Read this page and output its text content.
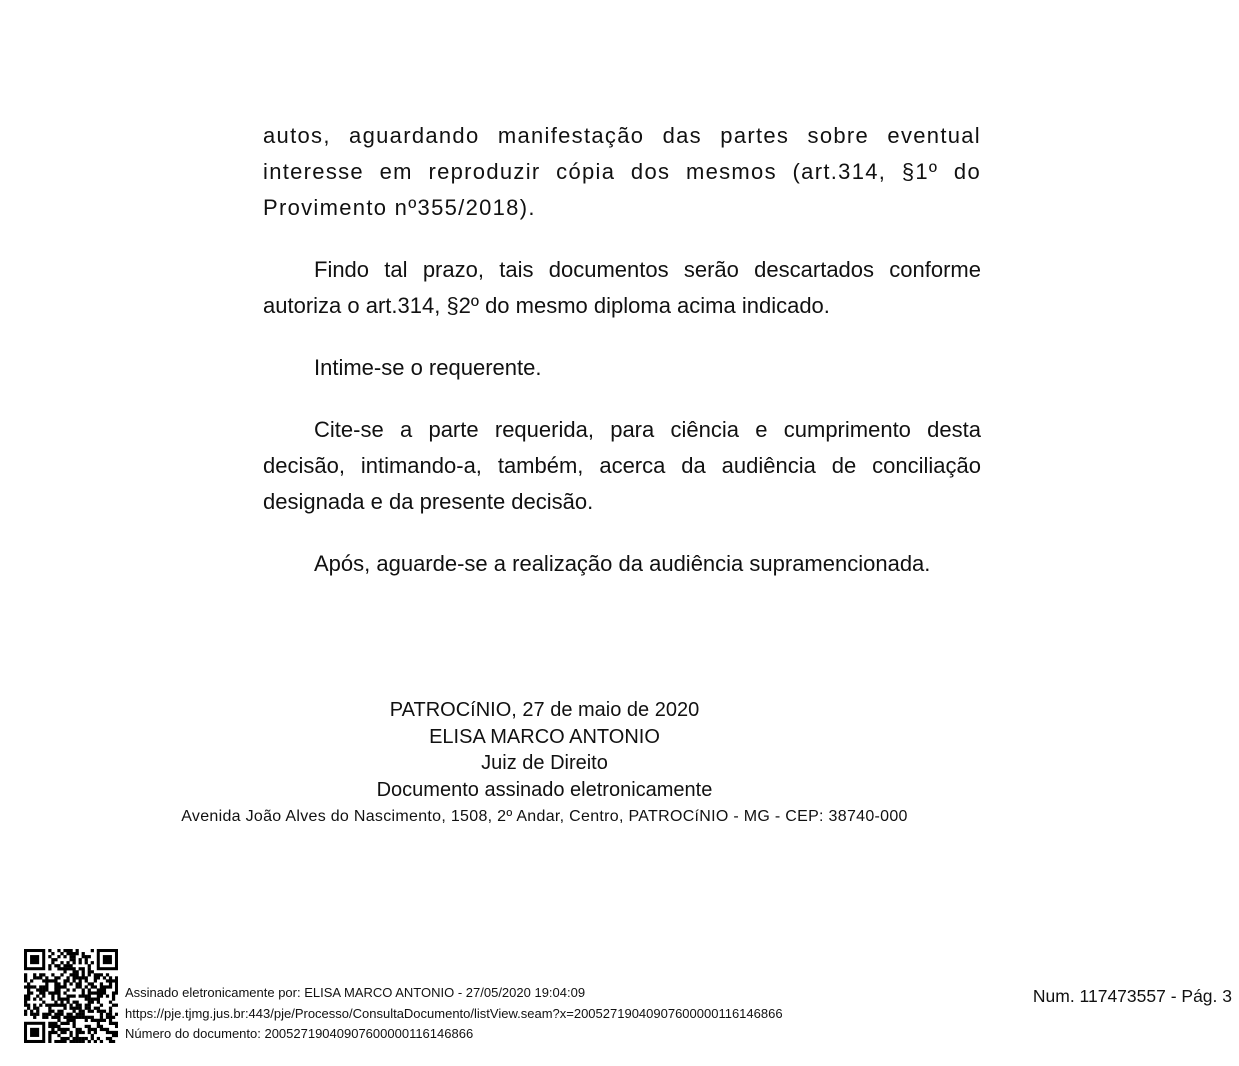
autos, aguardando manifestação das partes sobre eventual interesse em reproduzir cópia dos mesmos (art.314, §1º do Provimento nº355/2018).

Findo tal prazo, tais documentos serão descartados conforme autoriza o art.314, §2º do mesmo diploma acima indicado.

Intime-se o requerente.

Cite-se a parte requerida, para ciência e cumprimento desta decisão, intimando-a, também, acerca da audiência de conciliação designada e da presente decisão.

Após, aguarde-se a realização da audiência supramencionada.

PATROCíNIO, 27 de maio de 2020
ELISA MARCO ANTONIO
Juiz de Direito
Documento assinado eletronicamente
Avenida João Alves do Nascimento, 1508, 2º Andar, Centro, PATROCíNIO - MG - CEP: 38740-000
Assinado eletronicamente por: ELISA MARCO ANTONIO - 27/05/2020 19:04:09
https://pje.tjmg.jus.br:443/pje/Processo/ConsultaDocumento/listView.seam?x=20052719040907600000116146866
Número do documento: 20052719040907600000116146866
Num. 117473557 - Pág. 3
